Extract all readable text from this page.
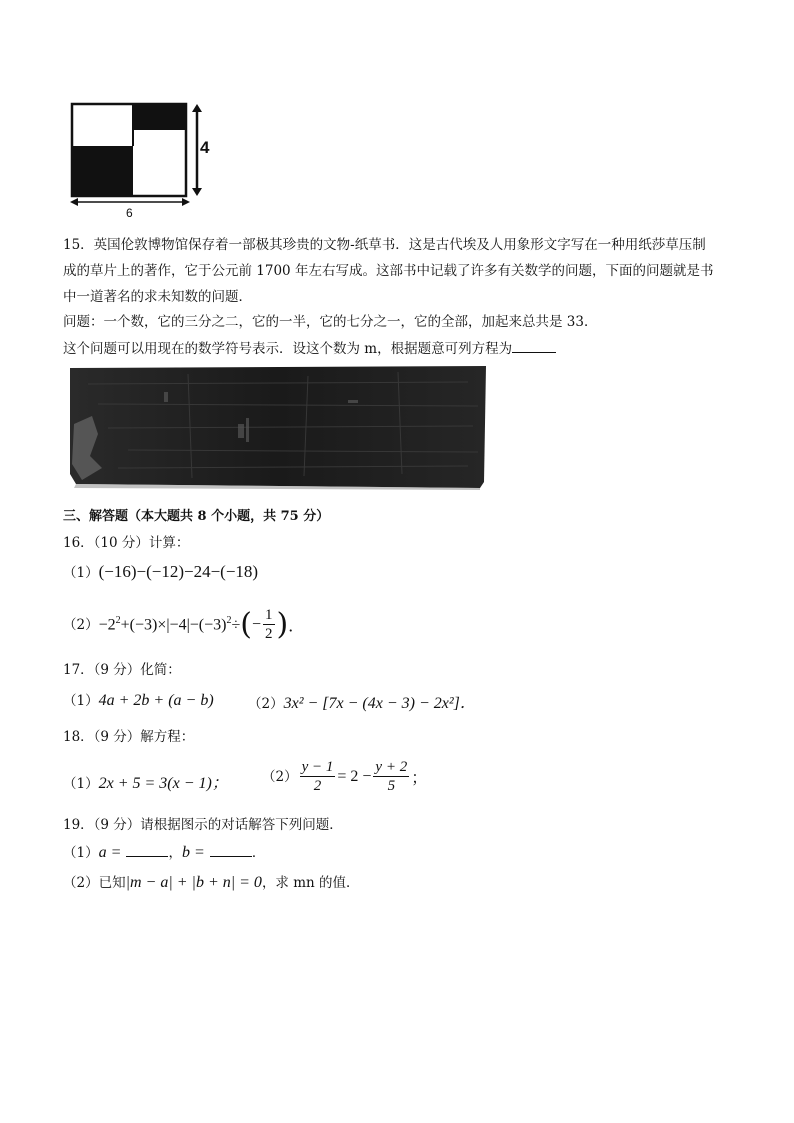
4
6
15．英国伦敦博物馆保存着一部极其珍贵的文物-纸草书．这是古代埃及人用象形文字写在一种用纸莎草压制
成的草片上的著作，它于公元前 1700 年左右写成。这部书中记载了许多有关数学的问题，下面的问题就是书
中一道著名的求未知数的问题．
问题：一个数，它的三分之二，它的一半，它的七分之一，它的全部，加起来总共是 33．
这个问题可以用现在的数学符号表示．设这个数为 m，根据题意可列方程为
三、解答题（本大题共 8 个小题，共 75 分）
16．（10 分）计算：
（1）(−16)−(−12)−24−(−18)
$(2) -2^2+(-3)\times|-4|-(-3)^2\div$ ( − $\frac{1}{2}$ ) ．
17．（9 分）化简：
（1）4a + 2b + (a − b)	（2）3x² − [7x − (4x − 3) − 2x²]．
18．（9 分）解方程：
（1）2x + 5 = 3(x − 1)；	$(2) \frac{y - 1}{2} = 2 - \frac{y + 2}{5}$ ；
19．（9 分）请根据图示的对话解答下列问题．
（1）a =	，b =	．
（2）已知|m − a| + |b + n| = 0，求 mn 的值．
